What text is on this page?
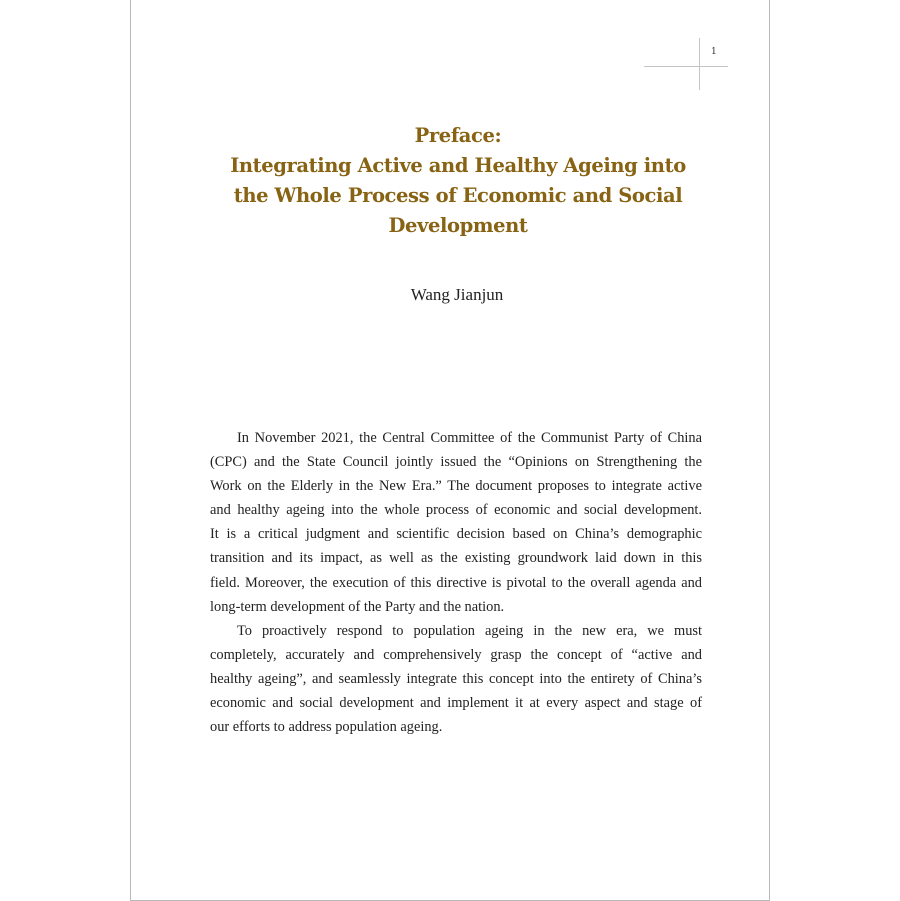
1
Preface:
Integrating Active and Healthy Ageing into
the Whole Process of Economic and Social
Development
Wang Jianjun

In November 2021, the Central Committee of the Communist Party of China
(CPC) and the State Council jointly issued the “Opinions on Strengthening the
Work on the Elderly in the New Era.” The document proposes to integrate active
and healthy ageing into the whole process of economic and social development.
It is a critical judgment and scientific decision based on China’s demographic
transition and its impact, as well as the existing groundwork laid down in this
field. Moreover, the execution of this directive is pivotal to the overall agenda and
long-term development of the Party and the nation.

To proactively respond to population ageing in the new era, we must
completely, accurately and comprehensively grasp the concept of “active and
healthy ageing”, and seamlessly integrate this concept into the entirety of China’s
economic and social development and implement it at every aspect and stage of
our efforts to address population ageing.
